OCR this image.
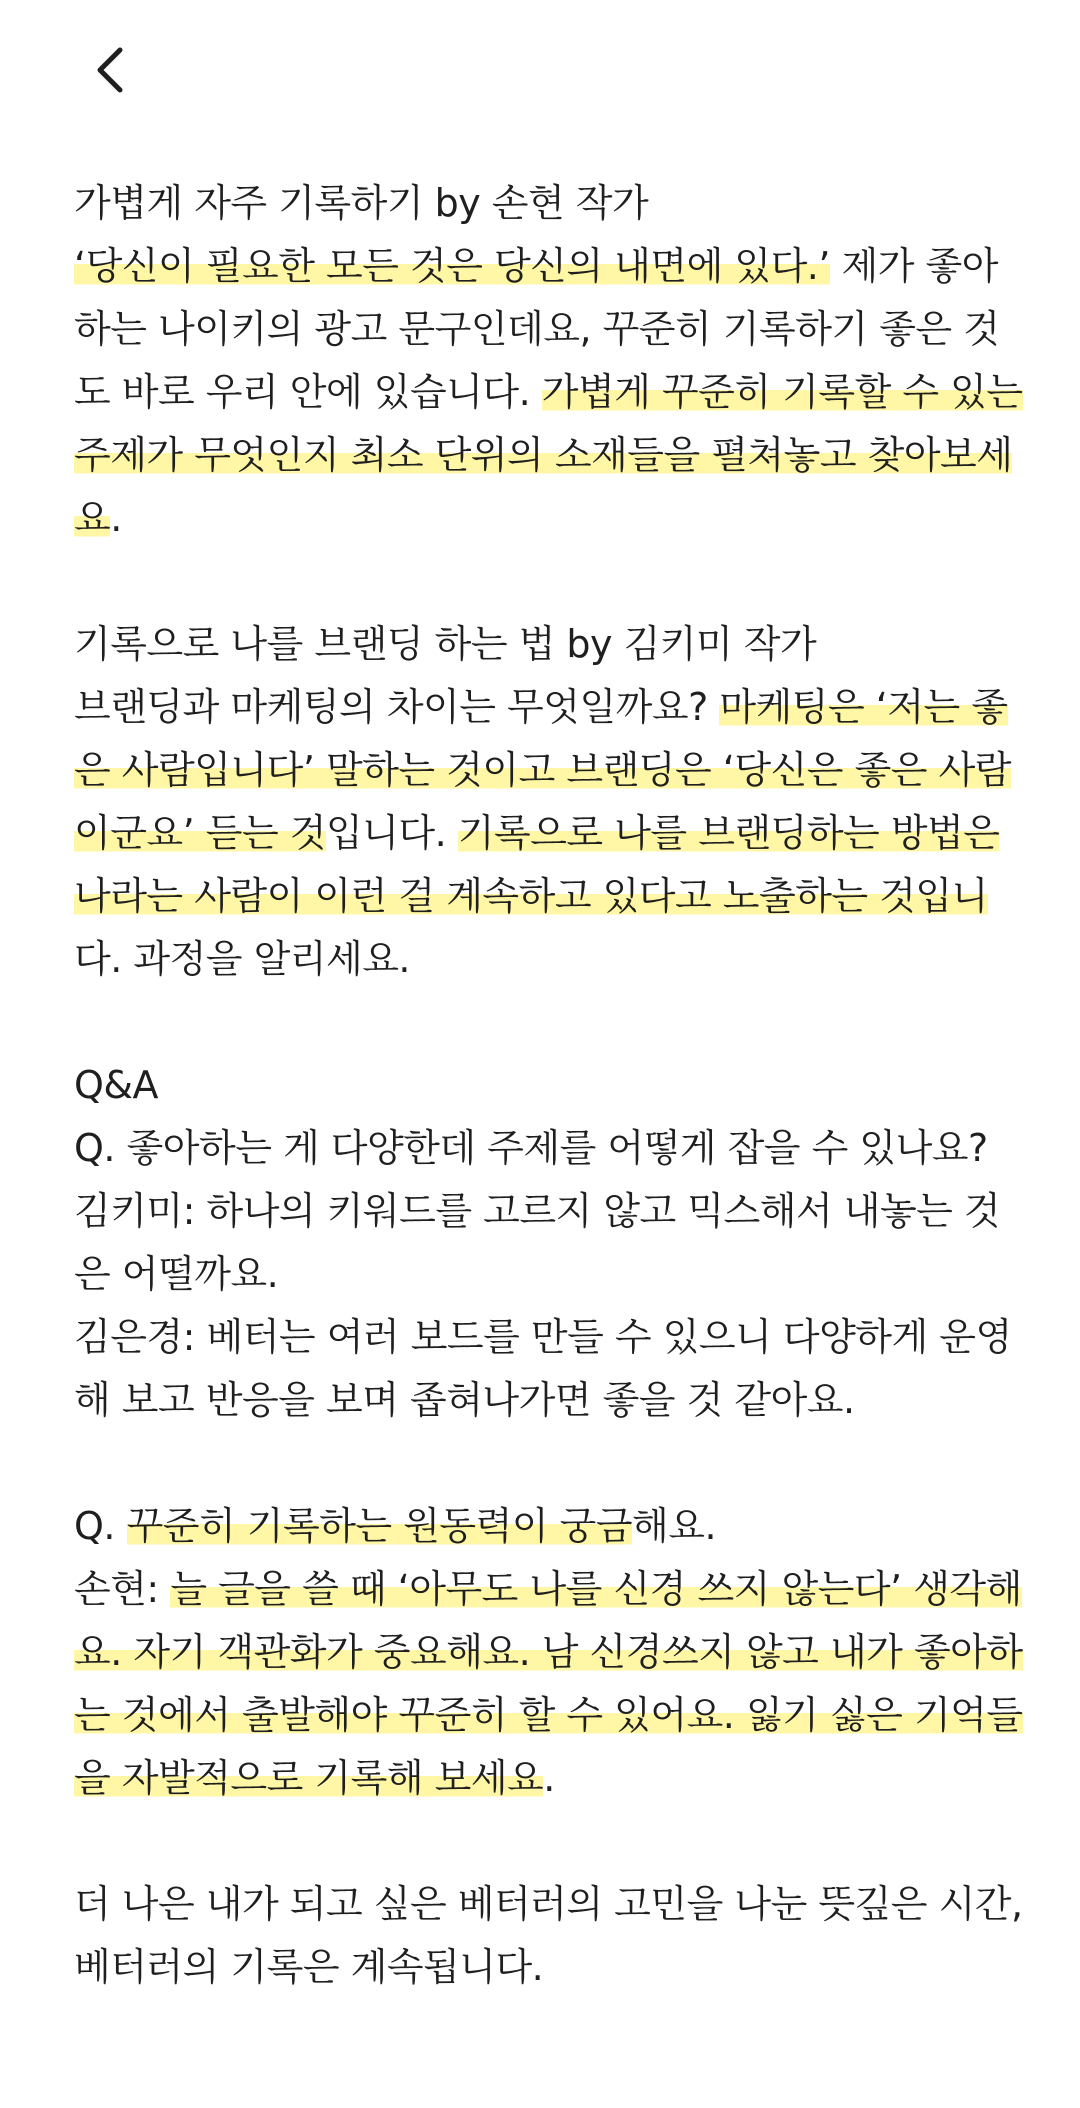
가볍게 자주 기록하기 by 손현 작가

‘당신이 필요한 모든 것은 당신의 내면에 있다.’ 제가 좋아하는 나이키의 광고 문구인데요, 꾸준히 기록하기 좋은 것도 바로 우리 안에 있습니다. 가볍게 꾸준히 기록할 수 있는 주제가 무엇인지 최소 단위의 소재들을 펼쳐놓고 찾아보세요.

기록으로 나를 브랜딩 하는 법 by 김키미 작가

브랜딩과 마케팅의 차이는 무엇일까요? 마케팅은 ‘저는 좋은 사람입니다’ 말하는 것이고 브랜딩은 ‘당신은 좋은 사람이군요’ 듣는 것입니다. 기록으로 나를 브랜딩하는 방법은 나라는 사람이 이런 걸 계속하고 있다고 노출하는 것입니다. 과정을 알리세요.

Q&A

Q. 좋아하는 게 다양한데 주제를 어떻게 잡을 수 있나요?

김키미: 하나의 키워드를 고르지 않고 믹스해서 내놓는 것은 어떨까요.

김은경: 베터는 여러 보드를 만들 수 있으니 다양하게 운영해 보고 반응을 보며 좁혀나가면 좋을 것 같아요.

Q. 꾸준히 기록하는 원동력이 궁금해요.

손현: 늘 글을 쓸 때 ‘아무도 나를 신경 쓰지 않는다’ 생각해요. 자기 객관화가 중요해요. 남 신경쓰지 않고 내가 좋아하는 것에서 출발해야 꾸준히 할 수 있어요. 잃기 싫은 기억들을 자발적으로 기록해 보세요.

더 나은 내가 되고 싶은 베터러의 고민을 나눈 뜻깊은 시간, 베터러의 기록은 계속됩니다.
